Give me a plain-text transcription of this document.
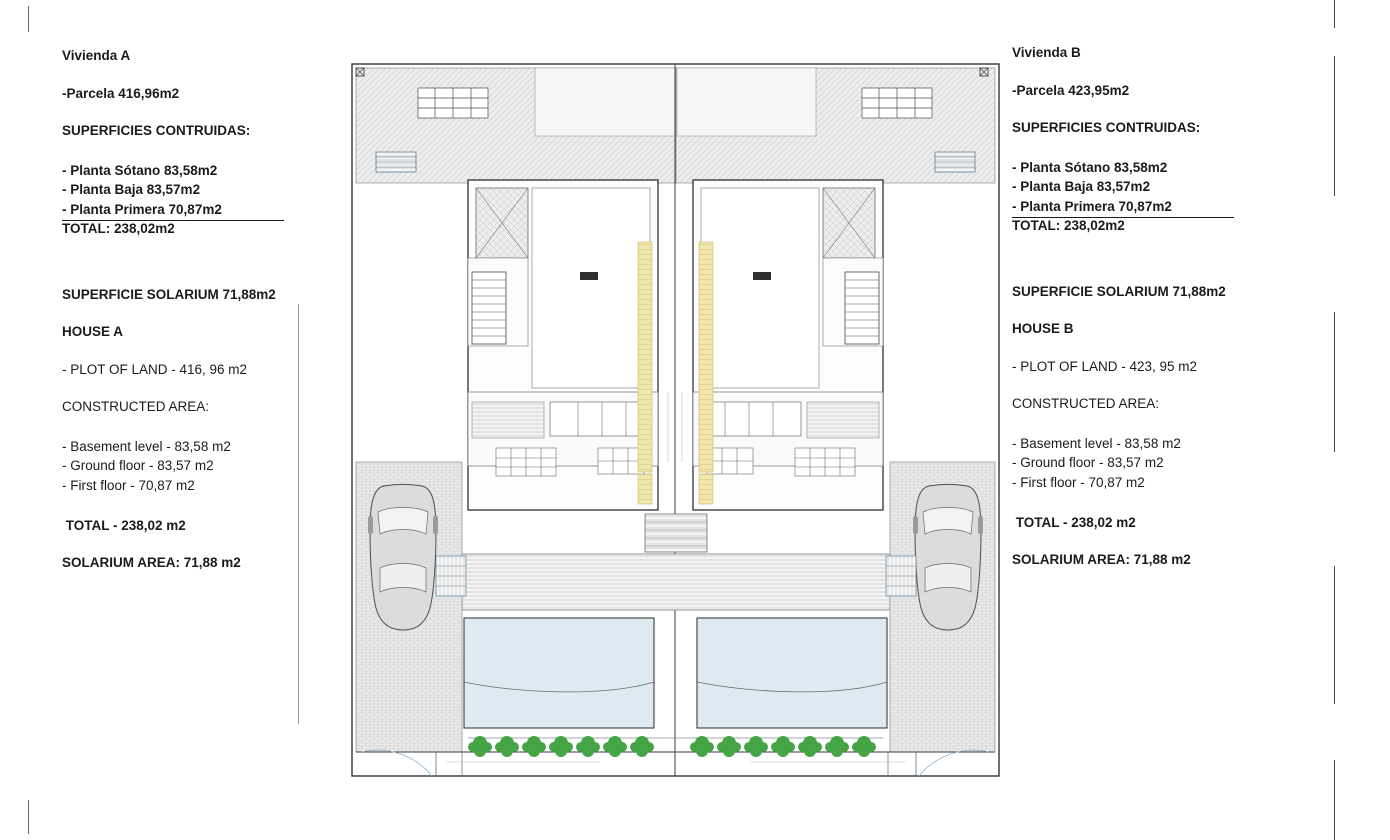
Vivienda A

-Parcela 416,96m2

SUPERFICIES CONTRUIDAS:

- Planta Sótano 83,58m2

- Planta Baja 83,57m2

- Planta Primera 70,87m2

TOTAL: 238,02m2

SUPERFICIE SOLARIUM 71,88m2

HOUSE A

- PLOT OF LAND - 416, 96 m2

CONSTRUCTED AREA:

- Basement level - 83,58 m2

- Ground floor - 83,57 m2

- First floor - 70,87 m2

TOTAL - 238,02 m2

SOLARIUM AREA: 71,88 m2

Vivienda B

-Parcela 423,95m2

SUPERFICIES CONTRUIDAS:

- Planta Sótano 83,58m2

- Planta Baja 83,57m2

- Planta Primera 70,87m2

TOTAL: 238,02m2

SUPERFICIE SOLARIUM 71,88m2

HOUSE B

- PLOT OF LAND - 423, 95 m2

CONSTRUCTED AREA:

- Basement level - 83,58 m2

- Ground floor - 83,57 m2

- First floor - 70,87 m2

TOTAL - 238,02 m2

SOLARIUM AREA: 71,88 m2
